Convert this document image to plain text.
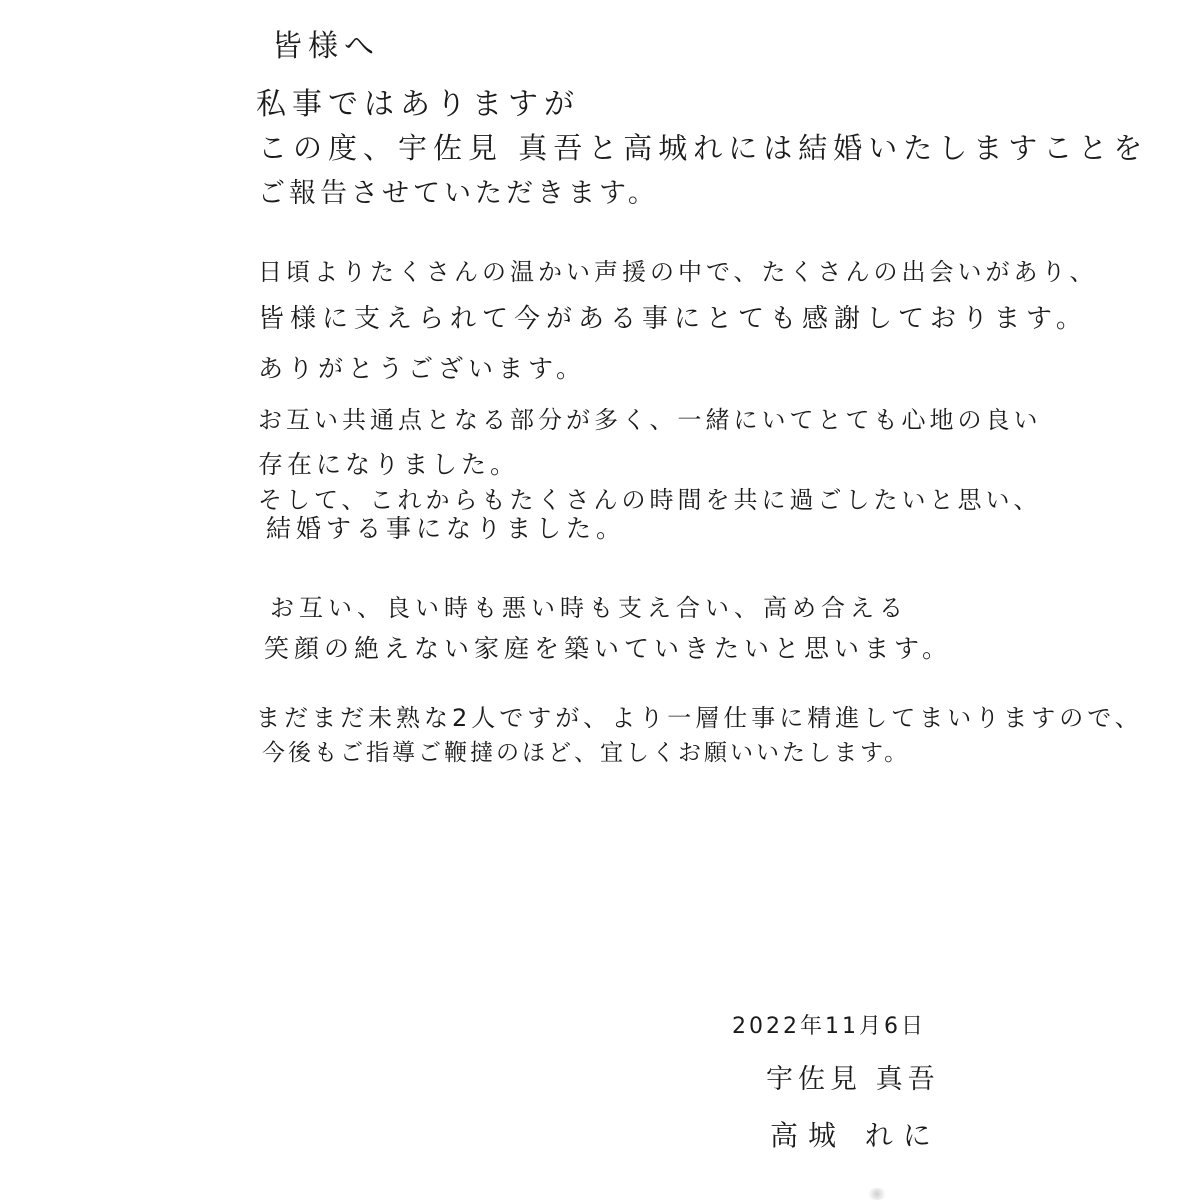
皆様へ
私事ではありますが
この度、宇佐見 真吾と高城れには結婚いたしますことを
ご報告させていただきます。
日頃よりたくさんの温かい声援の中で、たくさんの出会いがあり、
皆様に支えられて今がある事にとても感謝しております。
ありがとうございます。
お互い共通点となる部分が多く、一緒にいてとても心地の良い
存在になりました。
そして、これからもたくさんの時間を共に過ごしたいと思い、
結婚する事になりました。
お互い、良い時も悪い時も支え合い、高め合える
笑顔の絶えない家庭を築いていきたいと思います。
まだまだ未熟な2人ですが、より一層仕事に精進してまいりますので、
今後もご指導ご鞭撻のほど、宜しくお願いいたします。
2022年11月6日
宇佐見 真吾
高城 れに
